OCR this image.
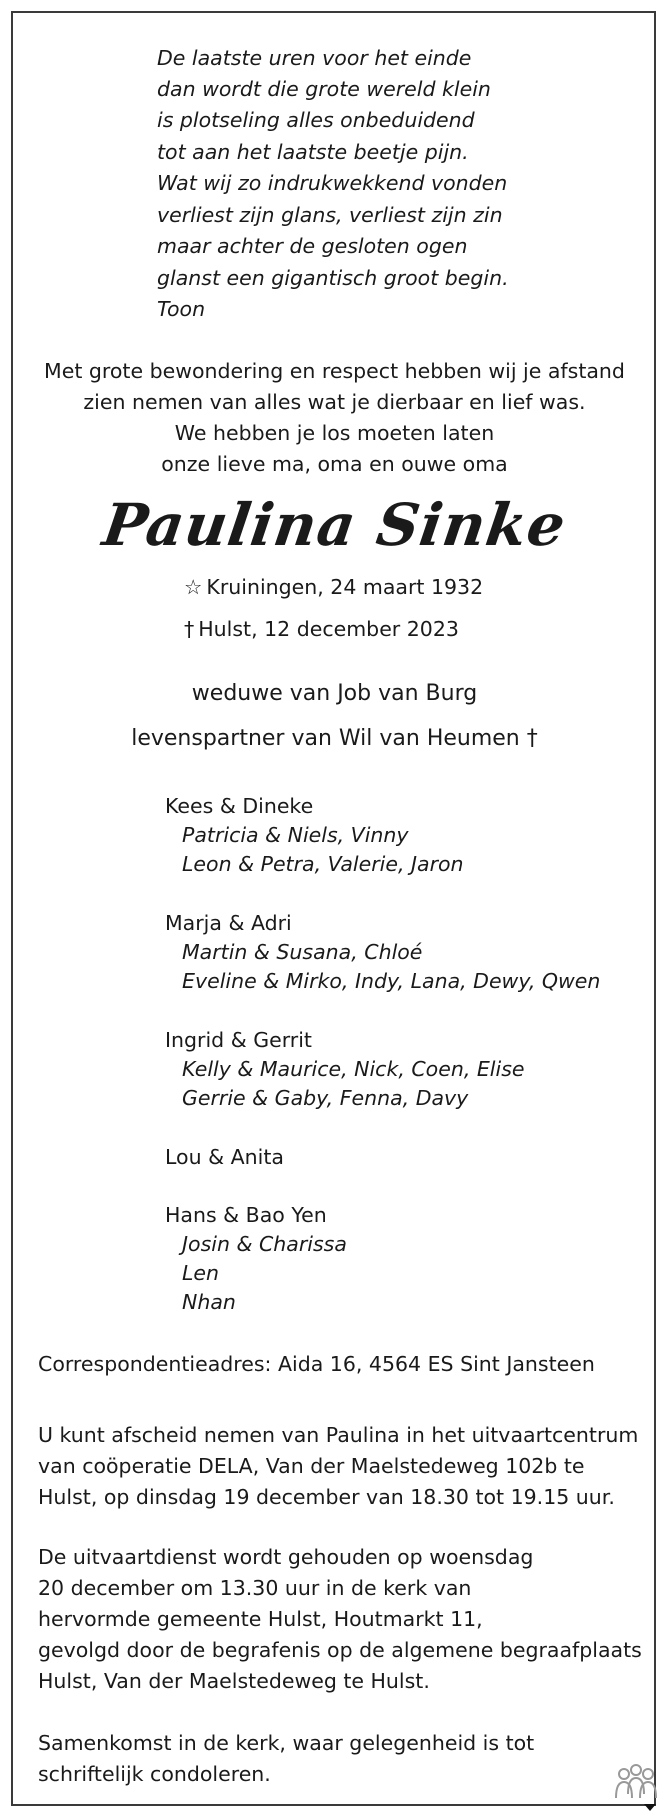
De laatste uren voor het einde
dan wordt die grote wereld klein
is plotseling alles onbeduidend
tot aan het laatste beetje pijn.
Wat wij zo indrukwekkend vonden
verliest zijn glans, verliest zijn zin
maar achter de gesloten ogen
glanst een gigantisch groot begin.
Toon
Met grote bewondering en respect hebben wij je afstand
zien nemen van alles wat je dierbaar en lief was.
We hebben je los moeten laten
onze lieve ma, oma en ouwe oma
Paulina Sinke
☆ Kruiningen, 24 maart 1932
† Hulst, 12 december 2023
weduwe van Job van Burg
levenspartner van Wil van Heumen †
Kees & Dineke
Patricia & Niels, Vinny
Leon & Petra, Valerie, Jaron
Marja & Adri
Martin & Susana, Chloé
Eveline & Mirko, Indy, Lana, Dewy, Qwen
Ingrid & Gerrit
Kelly & Maurice, Nick, Coen, Elise
Gerrie & Gaby, Fenna, Davy
Lou & Anita
Hans & Bao Yen
Josin & Charissa
Len
Nhan
Correspondentieadres: Aida 16, 4564 ES Sint Jansteen
U kunt afscheid nemen van Paulina in het uitvaartcentrum
van coöperatie DELA, Van der Maelstedeweg 102b te
Hulst, op dinsdag 19 december van 18.30 tot 19.15 uur.
De uitvaartdienst wordt gehouden op woensdag
20 december om 13.30 uur in de kerk van
hervormde gemeente Hulst, Houtmarkt 11,
gevolgd door de begrafenis op de algemene begraafplaats
Hulst, Van der Maelstedeweg te Hulst.
Samenkomst in de kerk, waar gelegenheid is tot
schriftelijk condoleren.
